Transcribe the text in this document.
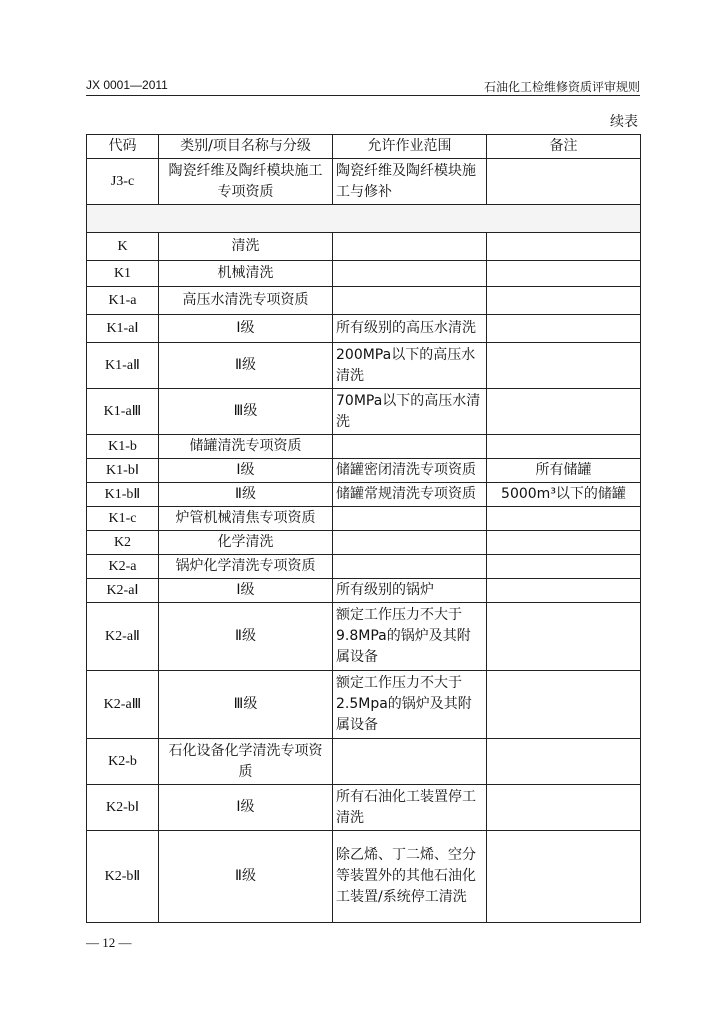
JX 0001—2011	石油化工检维修资质评审规则
续表
代码	类别/项目名称与分级	允许作业范围	备注
J3-c	陶瓷纤维及陶纤模块施工专项资质	陶瓷纤维及陶纤模块施工与修补	

K	清洗		
K1	机械清洗		
K1-a	高压水清洗专项资质		
K1-aⅠ	Ⅰ级	所有级别的高压水清洗	
K1-aⅡ	Ⅱ级	200MPa以下的高压水清洗	
K1-aⅢ	Ⅲ级	70MPa以下的高压水清洗	
K1-b	储罐清洗专项资质		
K1-bⅠ	Ⅰ级	储罐密闭清洗专项资质	所有储罐
K1-bⅡ	Ⅱ级	储罐常规清洗专项资质	5000m³以下的储罐
K1-c	炉管机械清焦专项资质		
K2	化学清洗		
K2-a	锅炉化学清洗专项资质		
K2-aⅠ	Ⅰ级	所有级别的锅炉	
K2-aⅡ	Ⅱ级	额定工作压力不大于9.8MPa的锅炉及其附属设备	
K2-aⅢ	Ⅲ级	额定工作压力不大于2.5Mpa的锅炉及其附属设备	
K2-b	石化设备化学清洗专项资质		
K2-bⅠ	Ⅰ级	所有石油化工装置停工清洗	
K2-bⅡ	Ⅱ级	除乙烯、丁二烯、空分等装置外的其他石油化工装置/系统停工清洗	
— 12 —
